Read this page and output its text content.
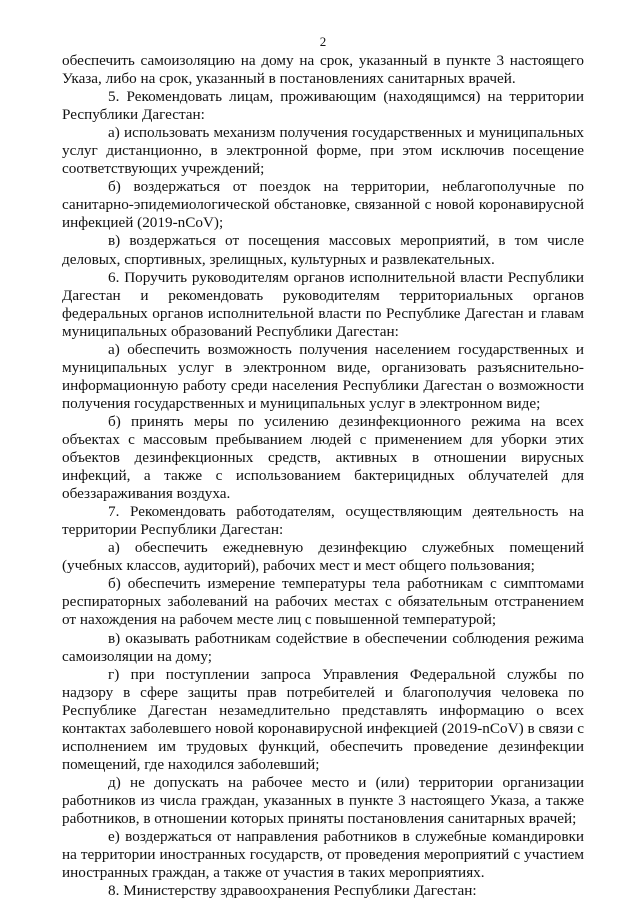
2

обеспечить самоизоляцию на дому на срок, указанный в пункте 3 настоящего Указа, либо на срок, указанный в постановлениях санитарных врачей.

5. Рекомендовать лицам, проживающим (находящимся) на территории Республики Дагестан:

а) использовать механизм получения государственных и муниципальных услуг дистанционно, в электронной форме, при этом исключив посещение соответствующих учреждений;

б) воздержаться от поездок на территории, неблагополучные по санитарно-эпидемиологической обстановке, связанной с новой коронавирусной инфекцией (2019-nCoV);

в) воздержаться от посещения массовых мероприятий, в том числе деловых, спортивных, зрелищных, культурных и развлекательных.

6. Поручить руководителям органов исполнительной власти Республики Дагестан и рекомендовать руководителям территориальных органов федеральных органов исполнительной власти по Республике Дагестан и главам муниципальных образований Республики Дагестан:

а) обеспечить возможность получения населением государственных и муниципальных услуг в электронном виде, организовать разъяснительно-информационную работу среди населения Республики Дагестан о возможности получения государственных и муниципальных услуг в электронном виде;

б) принять меры по усилению дезинфекционного режима на всех объектах с массовым пребыванием людей с применением для уборки этих объектов дезинфекционных средств, активных в отношении вирусных инфекций, а также с использованием бактерицидных облучателей для обеззараживания воздуха.

7. Рекомендовать работодателям, осуществляющим деятельность на территории Республики Дагестан:

а) обеспечить ежедневную дезинфекцию служебных помещений (учебных классов, аудиторий), рабочих мест и мест общего пользования;

б) обеспечить измерение температуры тела работникам с симптомами респираторных заболеваний на рабочих местах с обязательным отстранением от нахождения на рабочем месте лиц с повышенной температурой;

в) оказывать работникам содействие в обеспечении соблюдения режима самоизоляции на дому;

г) при поступлении запроса Управления Федеральной службы по надзору в сфере защиты прав потребителей и благополучия человека по Республике Дагестан незамедлительно представлять информацию о всех контактах заболевшего новой коронавирусной инфекцией (2019-nCoV) в связи с исполнением им трудовых функций, обеспечить проведение дезинфекции помещений, где находился заболевший;

д) не допускать на рабочее место и (или) территории организации работников из числа граждан, указанных в пункте 3 настоящего Указа, а также работников, в отношении которых приняты постановления санитарных врачей;

е) воздержаться от направления работников в служебные командировки на территории иностранных государств, от проведения мероприятий с участием иностранных граждан, а также от участия в таких мероприятиях.

8. Министерству здравоохранения Республики Дагестан:
